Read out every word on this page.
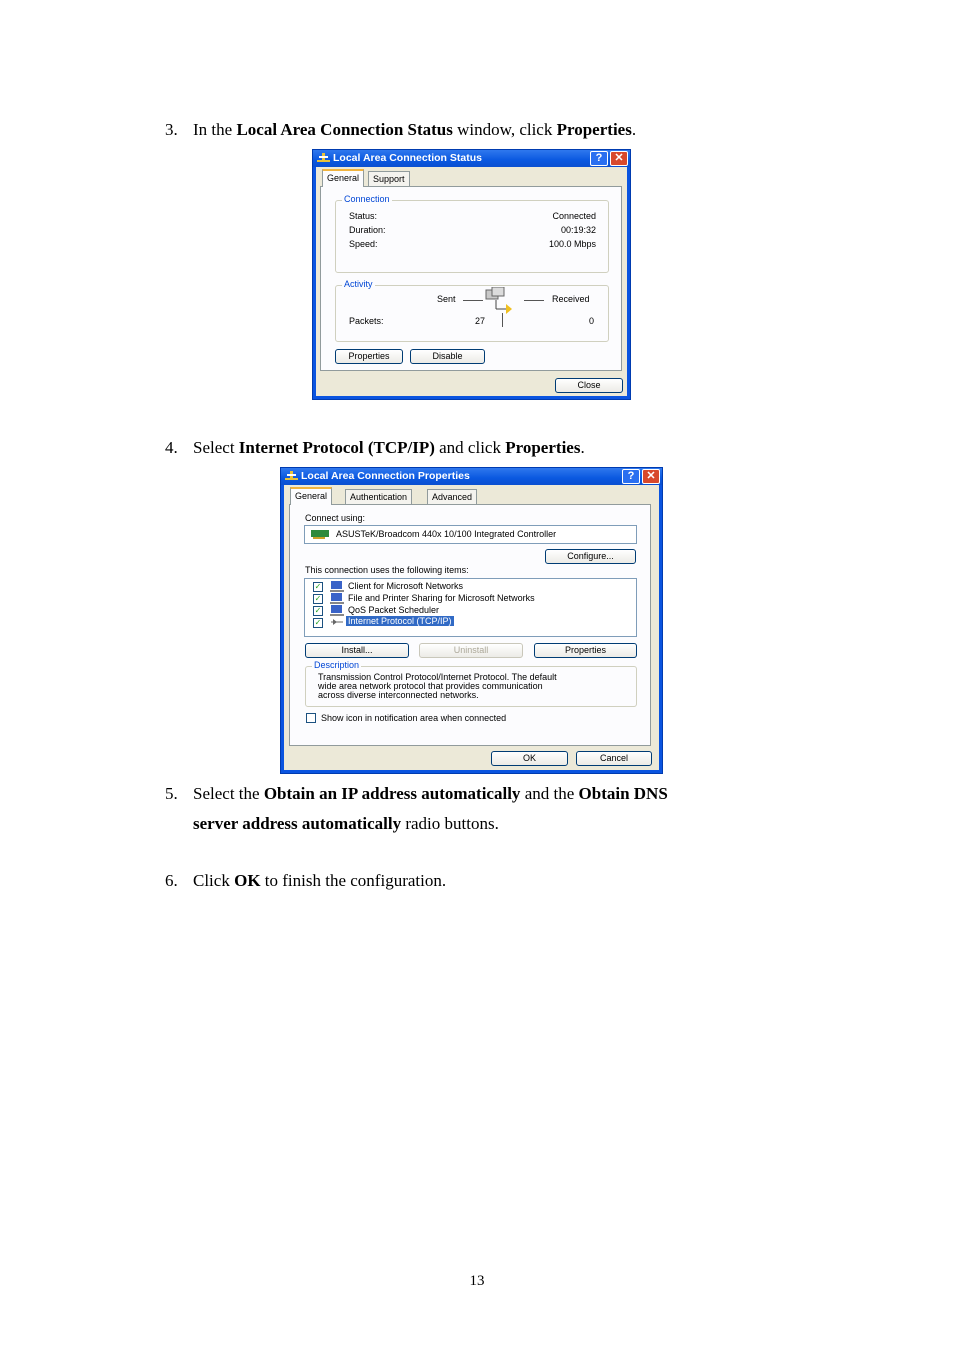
3. In the Local Area Connection Status window, click Properties.
Local Area Connection Status	?	✕
General	Support
Connection
Status:	Connected
Duration:	00:19:32
Speed:	100.0 Mbps
Activity
Sent	Received
Packets:	27	0
Properties	Disable
Close
4. Select Internet Protocol (TCP/IP) and click Properties.
Local Area Connection Properties	?	✕
General	Authentication	Advanced
Connect using:
ASUSTeK/Broadcom 440x 10/100 Integrated Controller
Configure...
This connection uses the following items:
✓	Client for Microsoft Networks
✓	File and Printer Sharing for Microsoft Networks
✓	QoS Packet Scheduler
✓	Internet Protocol (TCP/IP)
Install...	Uninstall	Properties
Description
Transmission Control Protocol/Internet Protocol. The default
wide area network protocol that provides communication
across diverse interconnected networks.
Show icon in notification area when connected
OK	Cancel
5. Select the Obtain an IP address automatically and the Obtain DNS
server address automatically radio buttons.
6. Click OK to finish the configuration.
13
